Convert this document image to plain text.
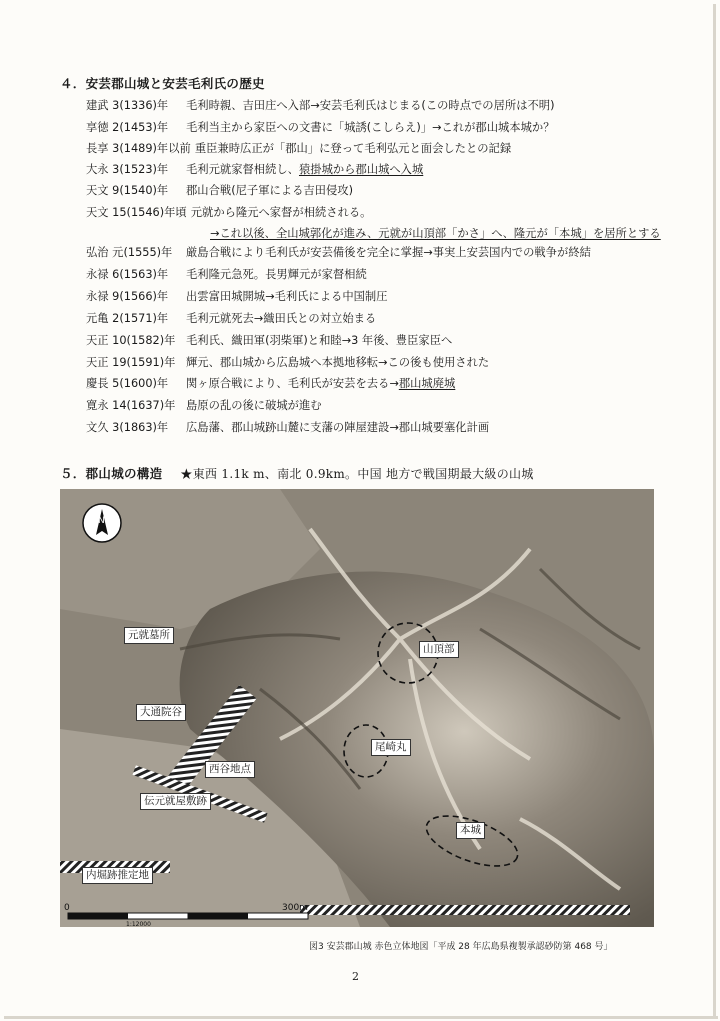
４．安芸郡山城と安芸毛利氏の歴史
建武 3(1336)年 毛利時親、吉田庄へ入部→安芸毛利氏はじまる(この時点での居所は不明)
享徳 2(1453)年 毛利当主から家臣への文書に「城誘(こしらえ)」→これが郡山城本城か？
長享 3(1489)年以前 重臣兼時広正が「郡山」に登って毛利弘元と面会したとの記録
大永 3(1523)年 毛利元就家督相続し、猿掛城から郡山城へ入城
天文 9(1540)年 郡山合戦(尼子軍による吉田侵攻)
天文 15(1546)年頃 元就から隆元へ家督が相続される。
弘治 元(1555)年 厳島合戦により毛利氏が安芸備後を完全に掌握→事実上安芸国内での戦争が終結
永禄 6(1563)年 毛利隆元急死。長男輝元が家督相続
永禄 9(1566)年 出雲富田城開城→毛利氏による中国制圧
元亀 2(1571)年 毛利元就死去→織田氏との対立始まる
天正 10(1582)年 毛利氏、織田軍(羽柴軍)と和睦→3 年後、豊臣家臣へ
天正 19(1591)年 輝元、郡山城から広島城へ本拠地移転→この後も使用された
慶長 5(1600)年 関ヶ原合戦により、毛利氏が安芸を去る→郡山城廃城
寛永 14(1637)年 島原の乱の後に破城が進む
文久 3(1863)年 広島藩、郡山城跡山麓に支藩の陣屋建設→郡山城要塞化計画
→これ以後、全山城郭化が進み、元就が山頂部「かさ」へ、隆元が「本城」を居所とする
５．郡山城の構造 ★東西 1.1k m、南北 0.9km。中国 地方で戦国期最大級の山城
N
0	300m
1:12000
元就墓所
山頂部
大通院谷
尾崎丸
西谷地点
伝元就屋敷跡
内堀跡推定地
本城
図3 安芸郡山城 赤色立体地図「平成 28 年広島県複製承認砂防第 468 号」
2
